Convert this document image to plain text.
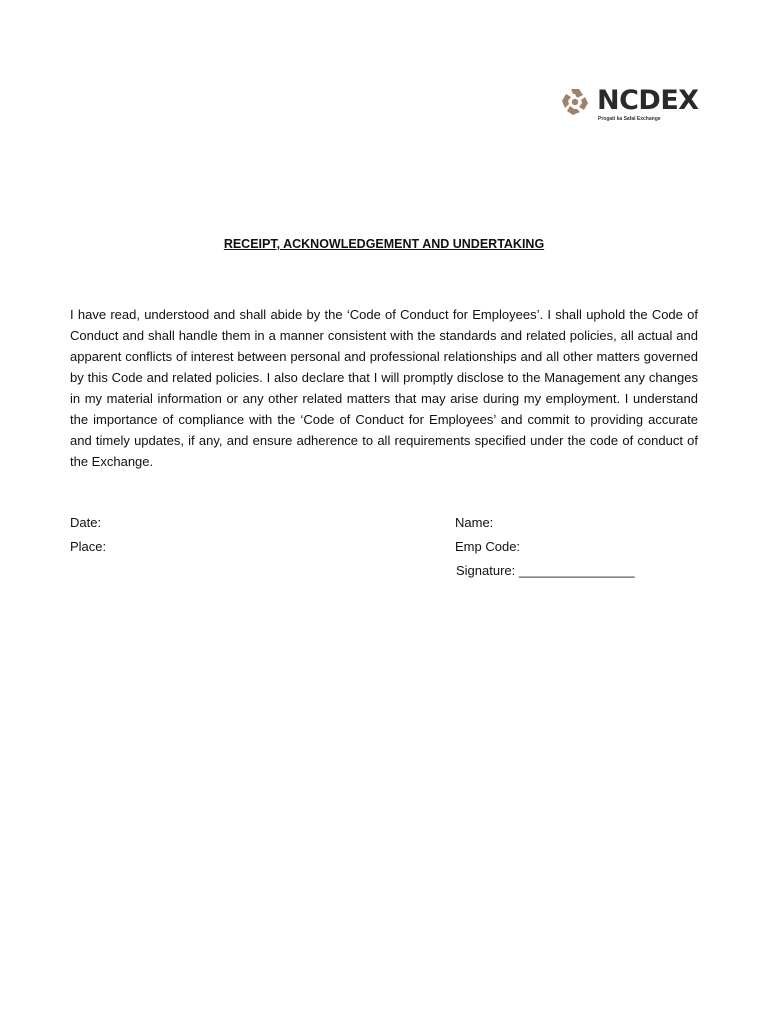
NCDEX
Progati ka Safal Exchange
RECEIPT, ACKNOWLEDGEMENT AND UNDERTAKING

I have read, understood and shall abide by the ‘Code of Conduct for Employees’. I shall uphold the Code of Conduct and shall handle them in a manner consistent with the standards and related policies, all actual and apparent conflicts of interest between personal and professional relationships and all other matters governed by this Code and related policies. I also declare that I will promptly disclose to the Management any changes in my material information or any other related matters that may arise during my employment. I understand the importance of compliance with the ‘Code of Conduct for Employees’ and commit to providing accurate and timely updates, if any, and ensure adherence to all requirements specified under the code of conduct of the Exchange.

Date:
Place:
Name:
Emp Code:
Signature: ________________
